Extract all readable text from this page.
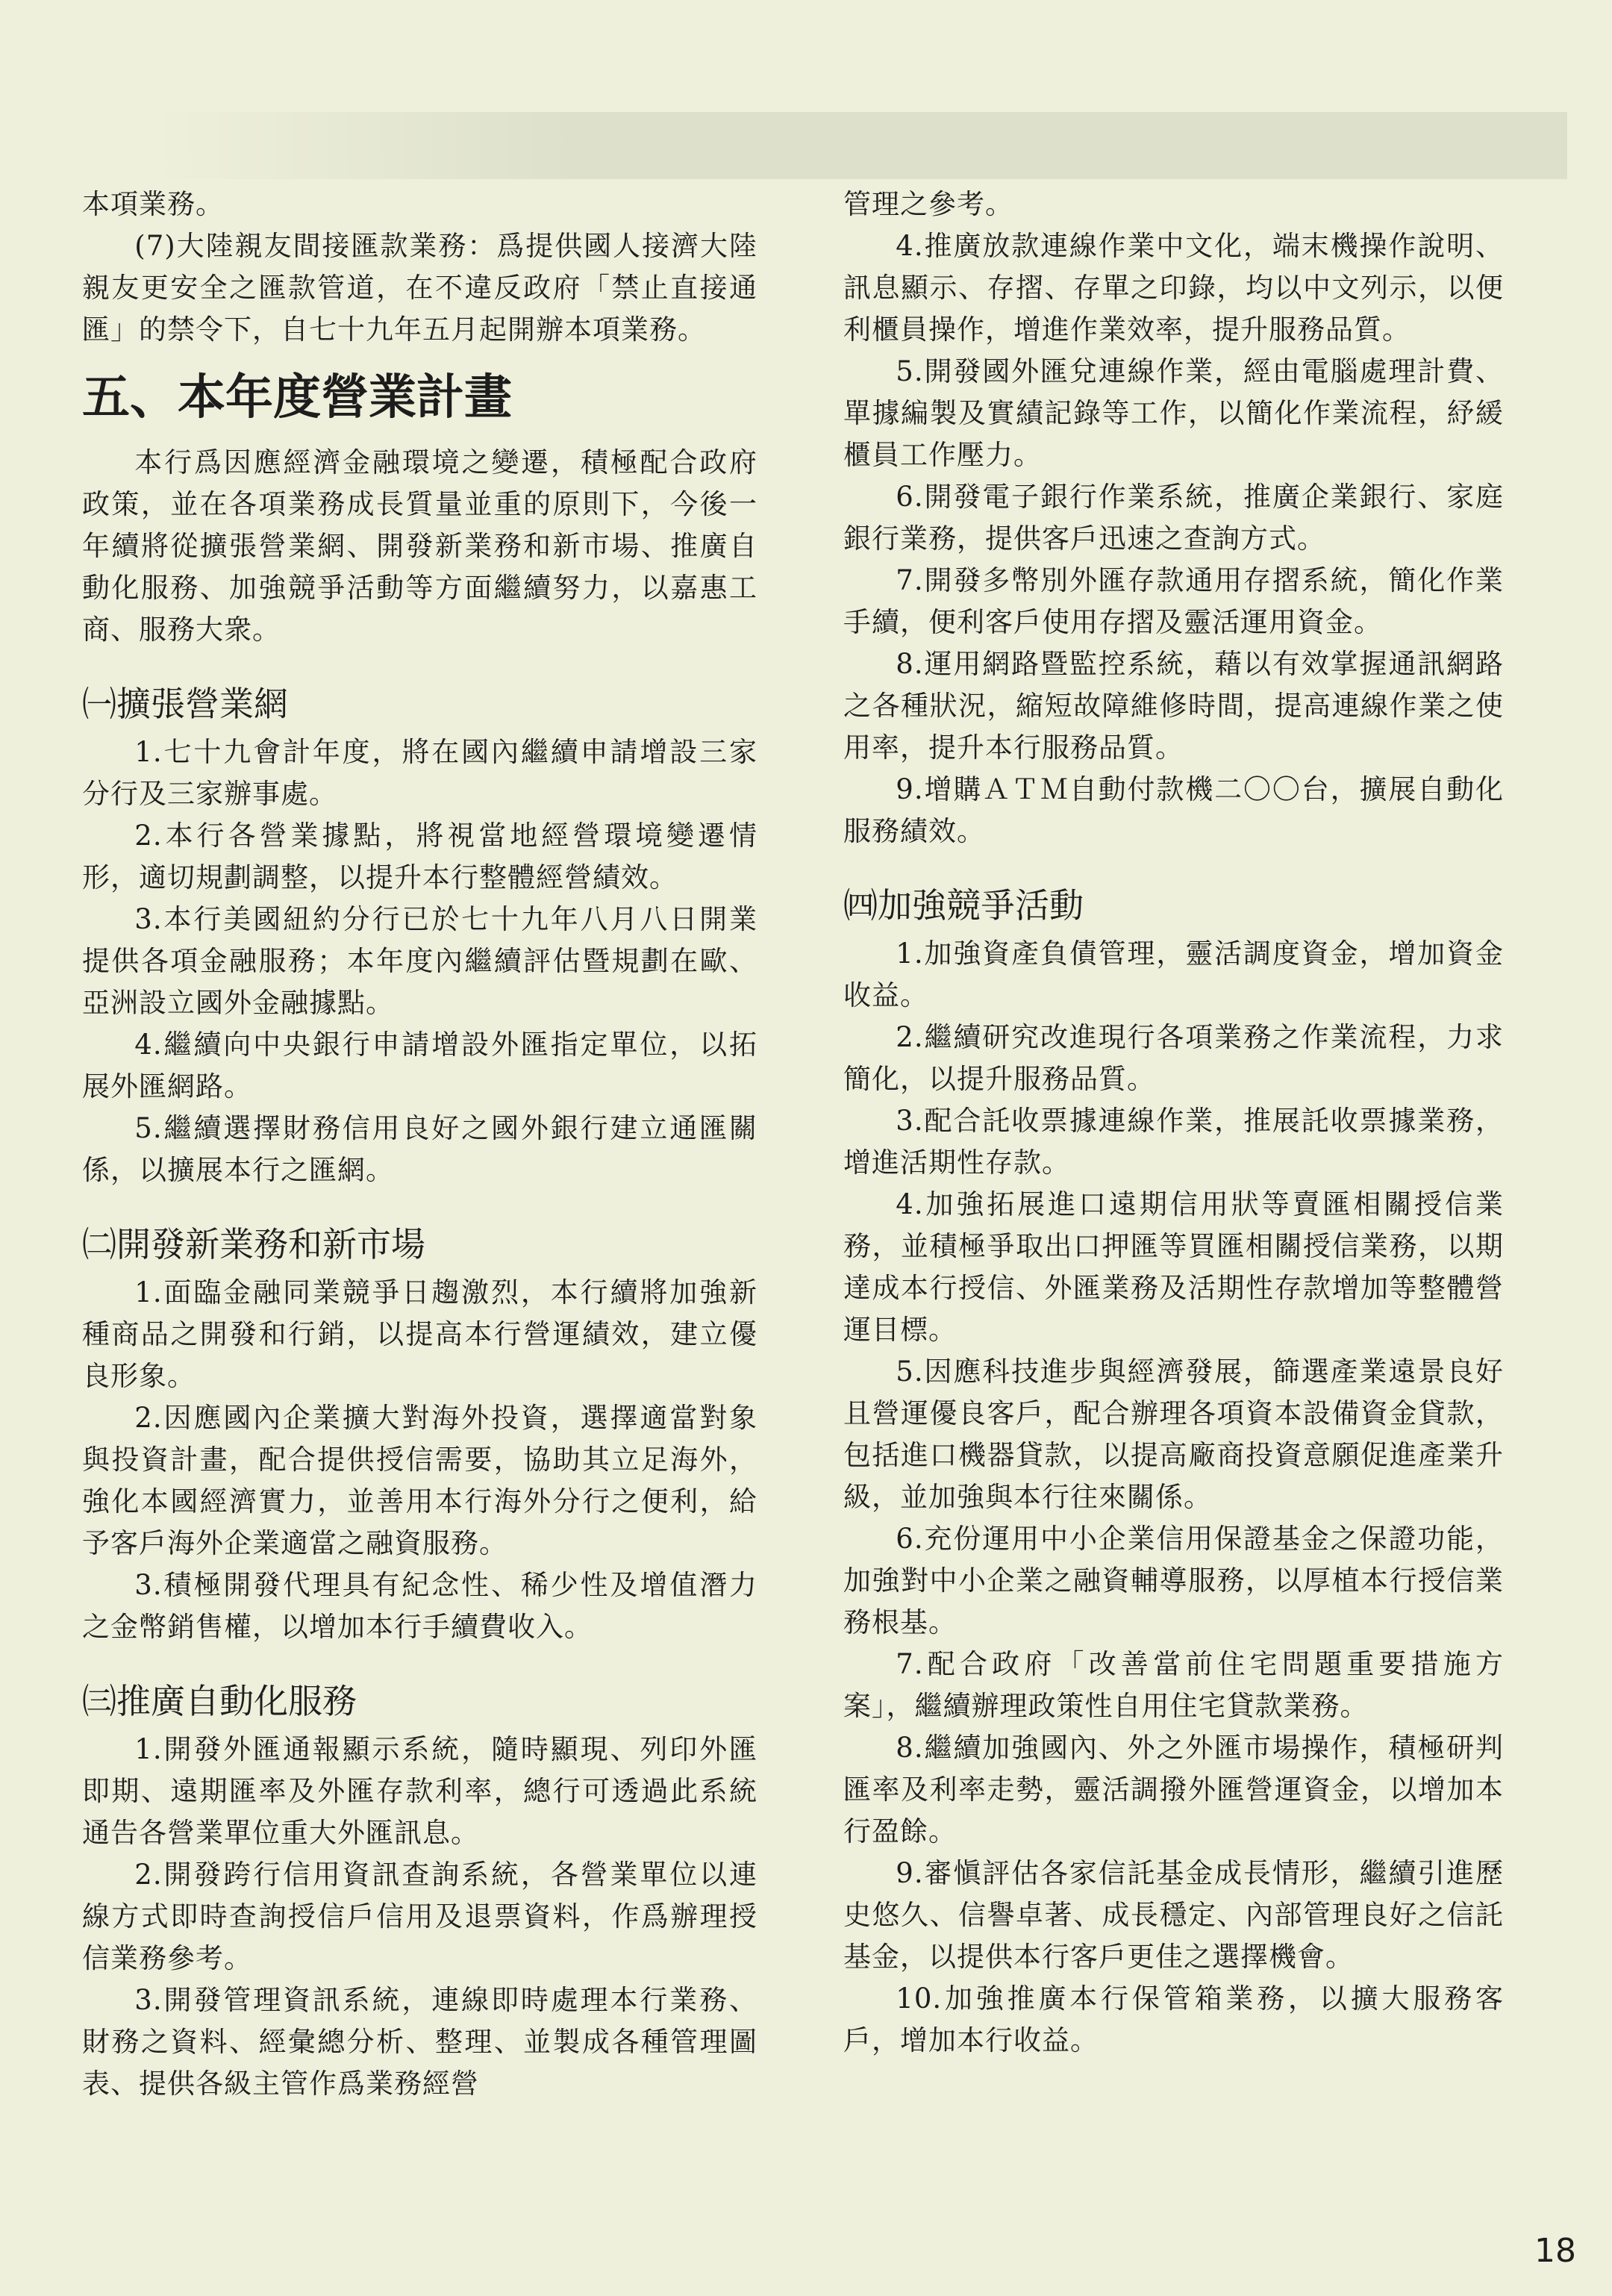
本項業務。

(7)大陸親友間接匯款業務：爲提供國人接濟大陸親友更安全之匯款管道，在不違反政府「禁止直接通匯」的禁令下，自七十九年五月起開辦本項業務。

五、本年度營業計畫

本行爲因應經濟金融環境之變遷，積極配合政府政策，並在各項業務成長質量並重的原則下，今後一年續將從擴張營業網、開發新業務和新市場、推廣自動化服務、加強競爭活動等方面繼續努力，以嘉惠工商、服務大衆。

㈠擴張營業網

1.七十九會計年度，將在國內繼續申請增設三家分行及三家辦事處。

2.本行各營業據點，將視當地經營環境變遷情形，適切規劃調整，以提升本行整體經營績效。

3.本行美國紐約分行已於七十九年八月八日開業提供各項金融服務；本年度內繼續評估暨規劃在歐、亞洲設立國外金融據點。

4.繼續向中央銀行申請增設外匯指定單位，以拓展外匯網路。

5.繼續選擇財務信用良好之國外銀行建立通匯關係，以擴展本行之匯網。

㈡開發新業務和新市場

1.面臨金融同業競爭日趨激烈，本行續將加強新種商品之開發和行銷，以提高本行營運績效，建立優良形象。

2.因應國內企業擴大對海外投資，選擇適當對象與投資計畫，配合提供授信需要，協助其立足海外，強化本國經濟實力，並善用本行海外分行之便利，給予客戶海外企業適當之融資服務。

3.積極開發代理具有紀念性、稀少性及增值潛力之金幣銷售權，以增加本行手續費收入。

㈢推廣自動化服務

1.開發外匯通報顯示系統，隨時顯現、列印外匯即期、遠期匯率及外匯存款利率，總行可透過此系統通告各營業單位重大外匯訊息。

2.開發跨行信用資訊查詢系統，各營業單位以連線方式即時查詢授信戶信用及退票資料，作爲辦理授信業務參考。

3.開發管理資訊系統，連線即時處理本行業務、財務之資料、經彙總分析、整理、並製成各種管理圖表、提供各級主管作爲業務經營

管理之參考。

4.推廣放款連線作業中文化，端末機操作說明、訊息顯示、存摺、存單之印錄，均以中文列示，以便利櫃員操作，增進作業效率，提升服務品質。

5.開發國外匯兌連線作業，經由電腦處理計費、單據編製及實績記錄等工作，以簡化作業流程，紓緩櫃員工作壓力。

6.開發電子銀行作業系統，推廣企業銀行、家庭銀行業務，提供客戶迅速之查詢方式。

7.開發多幣別外匯存款通用存摺系統，簡化作業手續，便利客戶使用存摺及靈活運用資金。

8.運用網路暨監控系統，藉以有效掌握通訊網路之各種狀況，縮短故障維修時間，提高連線作業之使用率，提升本行服務品質。

9.增購ＡＴＭ自動付款機二〇〇台，擴展自動化服務績效。

㈣加強競爭活動

1.加強資產負債管理，靈活調度資金，增加資金收益。

2.繼續研究改進現行各項業務之作業流程，力求簡化，以提升服務品質。

3.配合託收票據連線作業，推展託收票據業務，增進活期性存款。

4.加強拓展進口遠期信用狀等賣匯相關授信業務，並積極爭取出口押匯等買匯相關授信業務，以期達成本行授信、外匯業務及活期性存款增加等整體營運目標。

5.因應科技進步與經濟發展，篩選產業遠景良好且營運優良客戶，配合辦理各項資本設備資金貸款，包括進口機器貸款，以提高廠商投資意願促進產業升級，並加強與本行往來關係。

6.充份運用中小企業信用保證基金之保證功能，加強對中小企業之融資輔導服務，以厚植本行授信業務根基。

7.配合政府「改善當前住宅問題重要措施方案」，繼續辦理政策性自用住宅貸款業務。

8.繼續加強國內、外之外匯市場操作，積極研判匯率及利率走勢，靈活調撥外匯營運資金，以增加本行盈餘。

9.審愼評估各家信託基金成長情形，繼續引進歷史悠久、信譽卓著、成長穩定、內部管理良好之信託基金，以提供本行客戶更佳之選擇機會。

10.加強推廣本行保管箱業務，以擴大服務客戶，增加本行收益。

18
